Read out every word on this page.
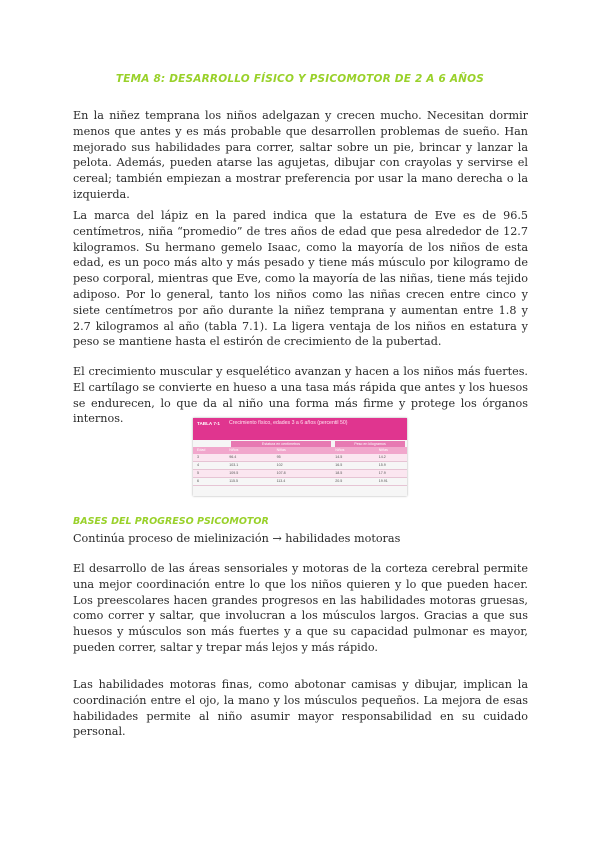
TEMA 8: DESARROLLO FÍSICO Y PSICOMOTOR DE 2 A 6 AÑOS

En la niñez temprana los niños adelgazan y crecen mucho. Necesitan dormir menos que antes y es más probable que desarrollen problemas de sueño. Han mejorado sus habilidades para correr, saltar sobre un pie, brincar y lanzar la pelota. Además, pueden atarse las agujetas, dibujar con crayolas y servirse el cereal; también empiezan a mostrar preferencia por usar la mano derecha o la izquierda.

La marca del lápiz en la pared indica que la estatura de Eve es de 96.5 centímetros, niña “promedio” de tres años de edad que pesa alrededor de 12.7 kilogramos. Su hermano gemelo Isaac, como la mayoría de los niños de esta edad, es un poco más alto y más pesado y tiene más músculo por kilogramo de peso corporal, mientras que Eve, como la mayoría de las niñas, tiene más tejido adiposo. Por lo general, tanto los niños como las niñas crecen entre cinco y siete centímetros por año durante la niñez temprana y aumentan entre 1.8 y 2.7 kilogramos al año (tabla 7.1). La ligera ventaja de los niños en estatura y peso se mantiene hasta el estirón de crecimiento de la pubertad.

El crecimiento muscular y esquelético avanzan y hacen a los niños más fuertes. El cartílago se convierte en hueso a una tasa más rápida que antes y los huesos se endurecen, lo que da al niño una forma más firme y protege los órganos internos.	TABLA 7-1 Crecimiento físico, edades 3 a 6 años (percentil 50)
Estatura en centímetros	Peso en kilogramos
Edad	Niños	Niñas	Niños	Niñas
3	96.4	95	14.5	14.2
4	103.1	102	16.5	15.9
5	109.5	107.8	18.5	17.9
6	115.5	113.4	20.5	19.91
BASES DEL PROGRESO PSICOMOTOR

Continúa proceso de mielinización → habilidades motoras

El desarrollo de las áreas sensoriales y motoras de la corteza cerebral permite una mejor coordinación entre lo que los niños quieren y lo que pueden hacer. Los preescolares hacen grandes progresos en las habilidades motoras gruesas, como correr y saltar, que involucran a los músculos largos. Gracias a que sus huesos y músculos son más fuertes y a que su capacidad pulmonar es mayor, pueden correr, saltar y trepar más lejos y más rápido.

Las habilidades motoras finas, como abotonar camisas y dibujar, implican la coordinación entre el ojo, la mano y los músculos pequeños. La mejora de esas habilidades permite al niño asumir mayor responsabilidad en su cuidado personal.
